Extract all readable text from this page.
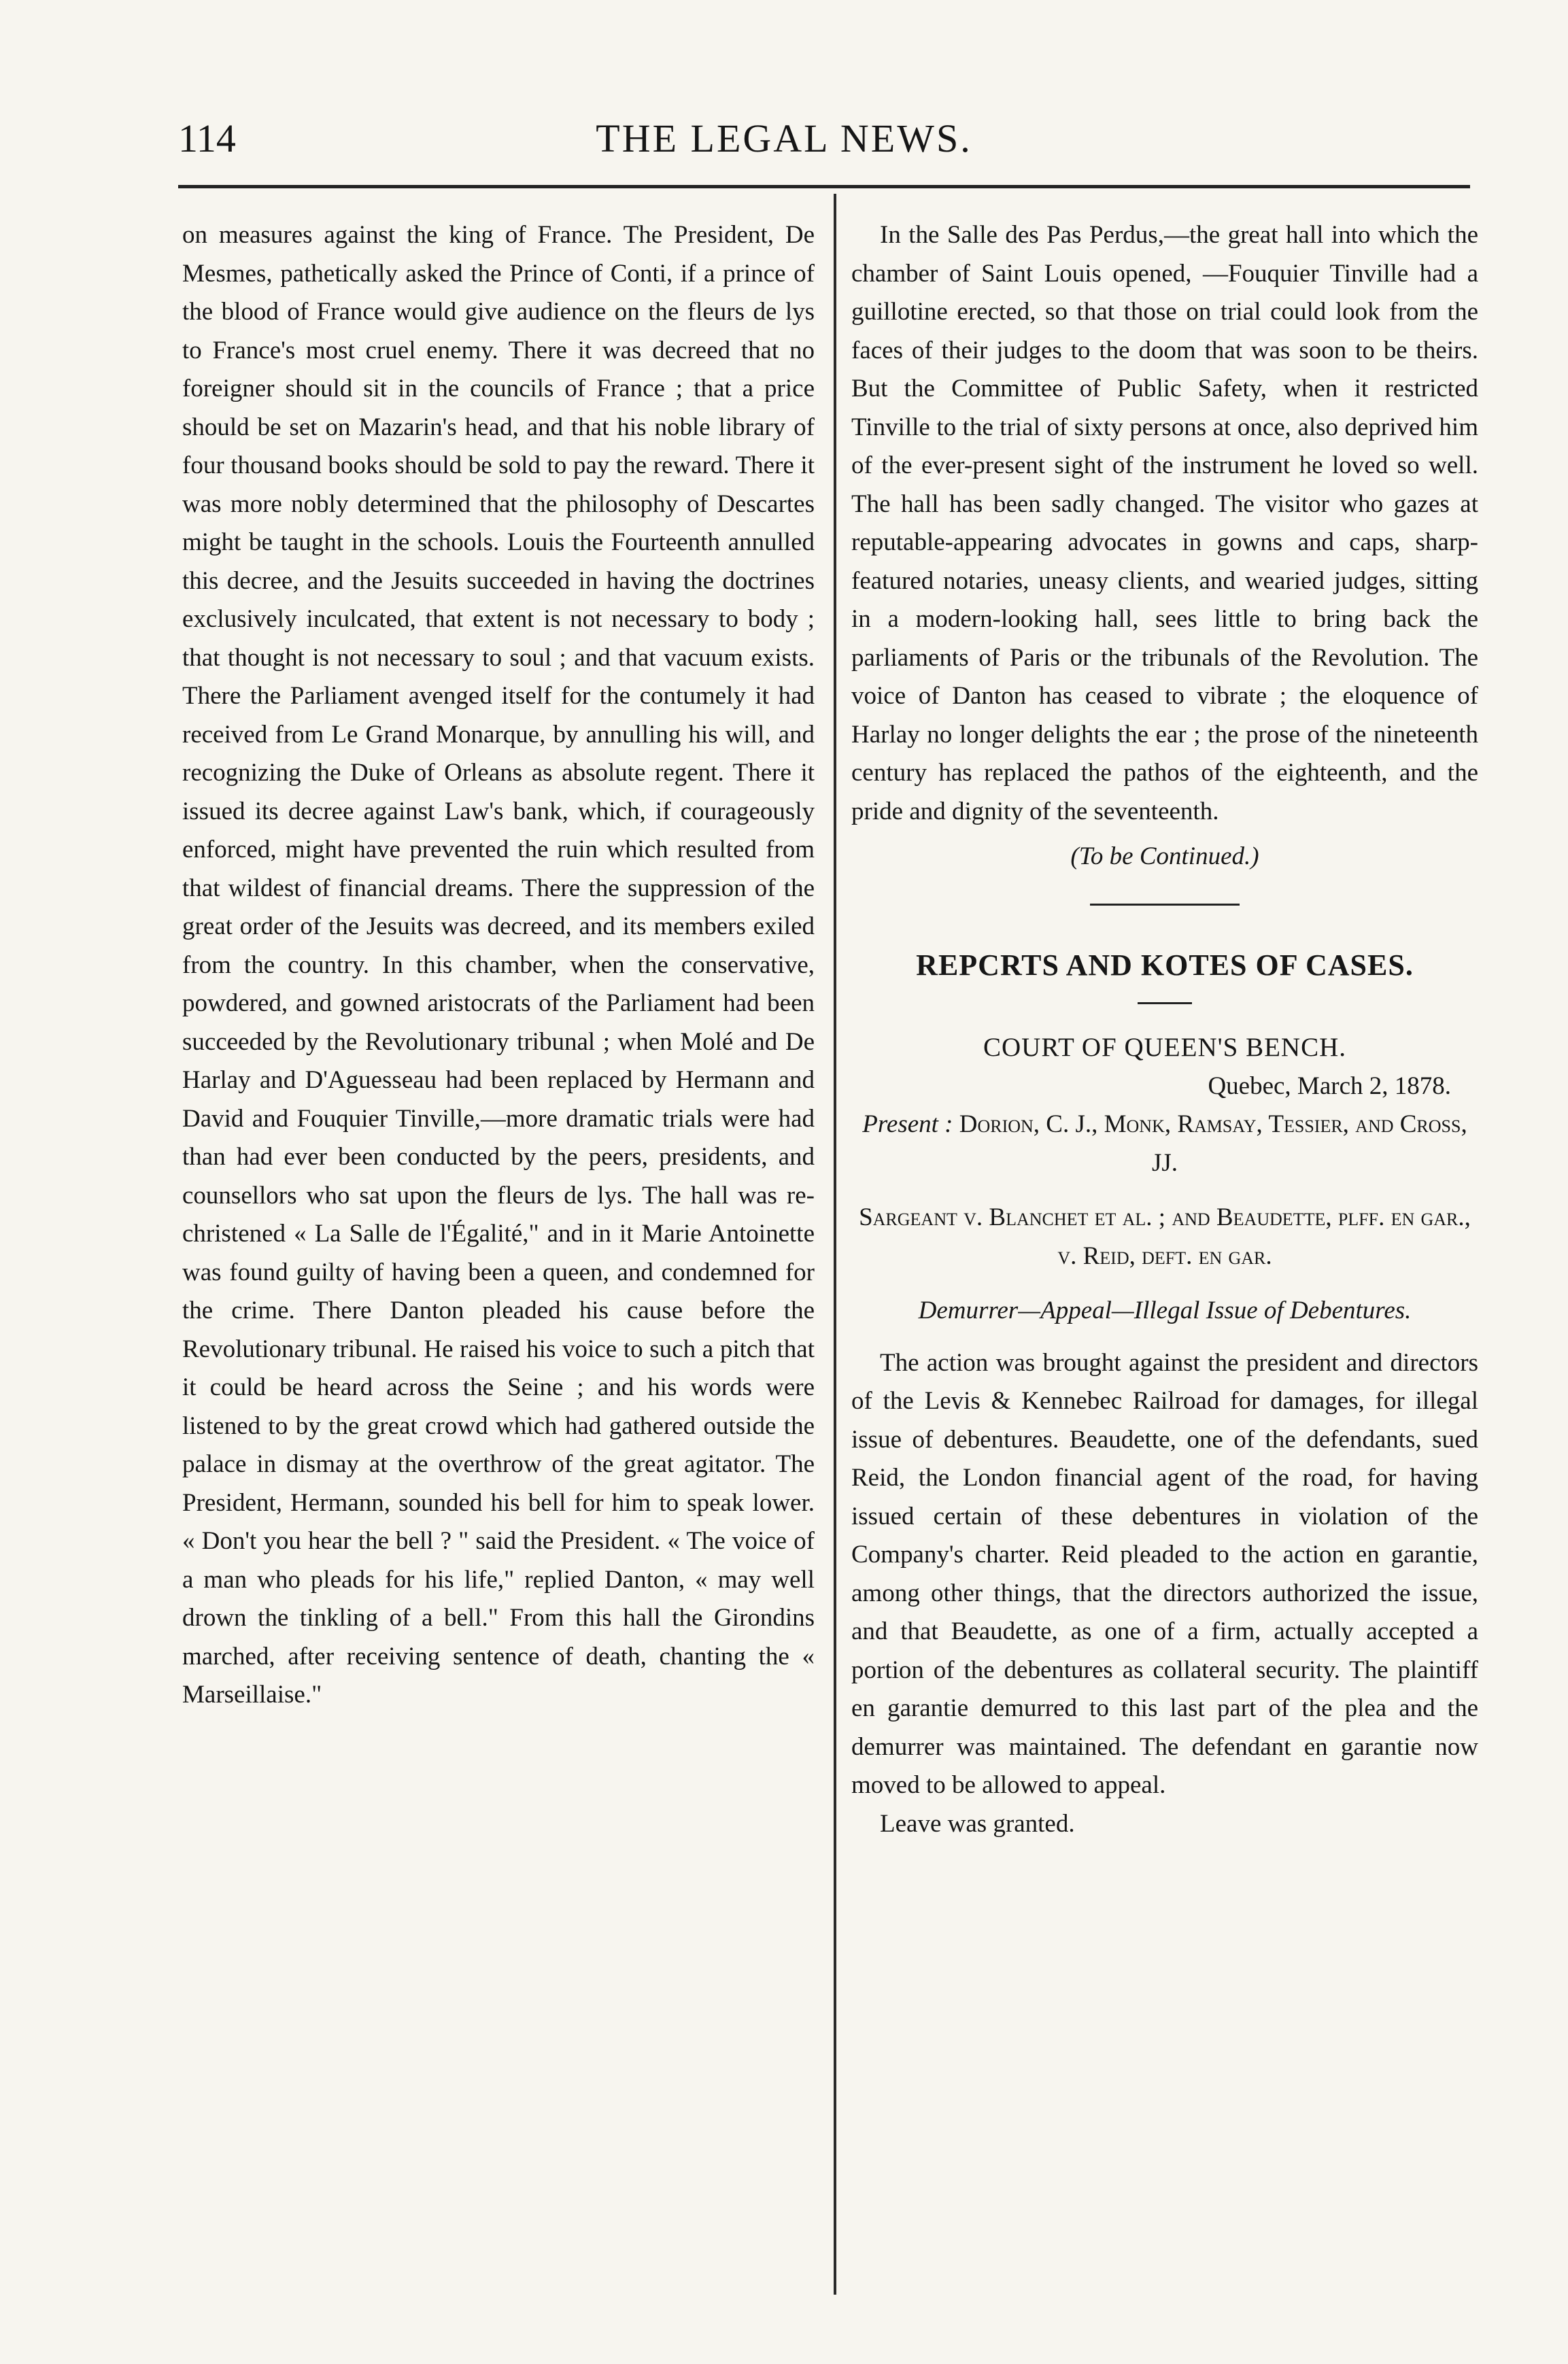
114	THE LEGAL NEWS.

on measures against the king of France. The President, De Mesmes, pathetically asked the Prince of Conti, if a prince of the blood of France would give audience on the fleurs de lys to France's most cruel enemy. There it was decreed that no foreigner should sit in the councils of France ; that a price should be set on Mazarin's head, and that his noble library of four thousand books should be sold to pay the reward. There it was more nobly determined that the philosophy of Descartes might be taught in the schools. Louis the Fourteenth annulled this decree, and the Jesuits succeeded in having the doctrines exclusively inculcated, that extent is not necessary to body ; that thought is not necessary to soul ; and that vacuum exists. There the Parliament avenged itself for the contumely it had received from Le Grand Monarque, by annulling his will, and recognizing the Duke of Orleans as absolute regent. There it issued its decree against Law's bank, which, if courageously enforced, might have prevented the ruin which resulted from that wildest of financial dreams. There the suppression of the great order of the Jesuits was decreed, and its members exiled from the country. In this chamber, when the conservative, powdered, and gowned aristocrats of the Parliament had been succeeded by the Revolutionary tribunal ; when Molé and De Harlay and D'Aguesseau had been replaced by Hermann and David and Fouquier Tinville,—more dramatic trials were had than had ever been conducted by the peers, presidents, and counsellors who sat upon the fleurs de lys. The hall was re-christened « La Salle de l'Égalité," and in it Marie Antoinette was found guilty of having been a queen, and condemned for the crime. There Danton pleaded his cause before the Revolutionary tribunal. He raised his voice to such a pitch that it could be heard across the Seine ; and his words were listened to by the great crowd which had gathered outside the palace in dismay at the overthrow of the great agitator. The President, Hermann, sounded his bell for him to speak lower. « Don't you hear the bell ? " said the President. « The voice of a man who pleads for his life," replied Danton, « may well drown the tinkling of a bell." From this hall the Girondins marched, after receiving sentence of death, chanting the « Marseillaise."

In the Salle des Pas Perdus,—the great hall into which the chamber of Saint Louis opened, —Fouquier Tinville had a guillotine erected, so that those on trial could look from the faces of their judges to the doom that was soon to be theirs. But the Committee of Public Safety, when it restricted Tinville to the trial of sixty persons at once, also deprived him of the ever-present sight of the instrument he loved so well. The hall has been sadly changed. The visitor who gazes at reputable-appearing advocates in gowns and caps, sharp-featured notaries, uneasy clients, and wearied judges, sitting in a modern-looking hall, sees little to bring back the parliaments of Paris or the tribunals of the Revolution. The voice of Danton has ceased to vibrate ; the eloquence of Harlay no longer delights the ear ; the prose of the nineteenth century has replaced the pathos of the eighteenth, and the pride and dignity of the seventeenth.

(To be Continued.)
REPCRTS AND KOTES OF CASES.
COURT OF QUEEN'S BENCH.
Quebec, March 2, 1878.
Present : Dorion, C. J., Monk, Ramsay, Tessier, and Cross, JJ.
Sargeant v. Blanchet et al. ; and Beaudette, plff. en gar., v. Reid, deft. en gar.
Demurrer—Appeal—Illegal Issue of Debentures.

The action was brought against the president and directors of the Levis & Kennebec Railroad for damages, for illegal issue of debentures. Beaudette, one of the defendants, sued Reid, the London financial agent of the road, for having issued certain of these debentures in violation of the Company's charter. Reid pleaded to the action en garantie, among other things, that the directors authorized the issue, and that Beaudette, as one of a firm, actually accepted a portion of the debentures as collateral security. The plaintiff en garantie demurred to this last part of the plea and the demurrer was maintained. The defendant en garantie now moved to be allowed to appeal.

Leave was granted.
